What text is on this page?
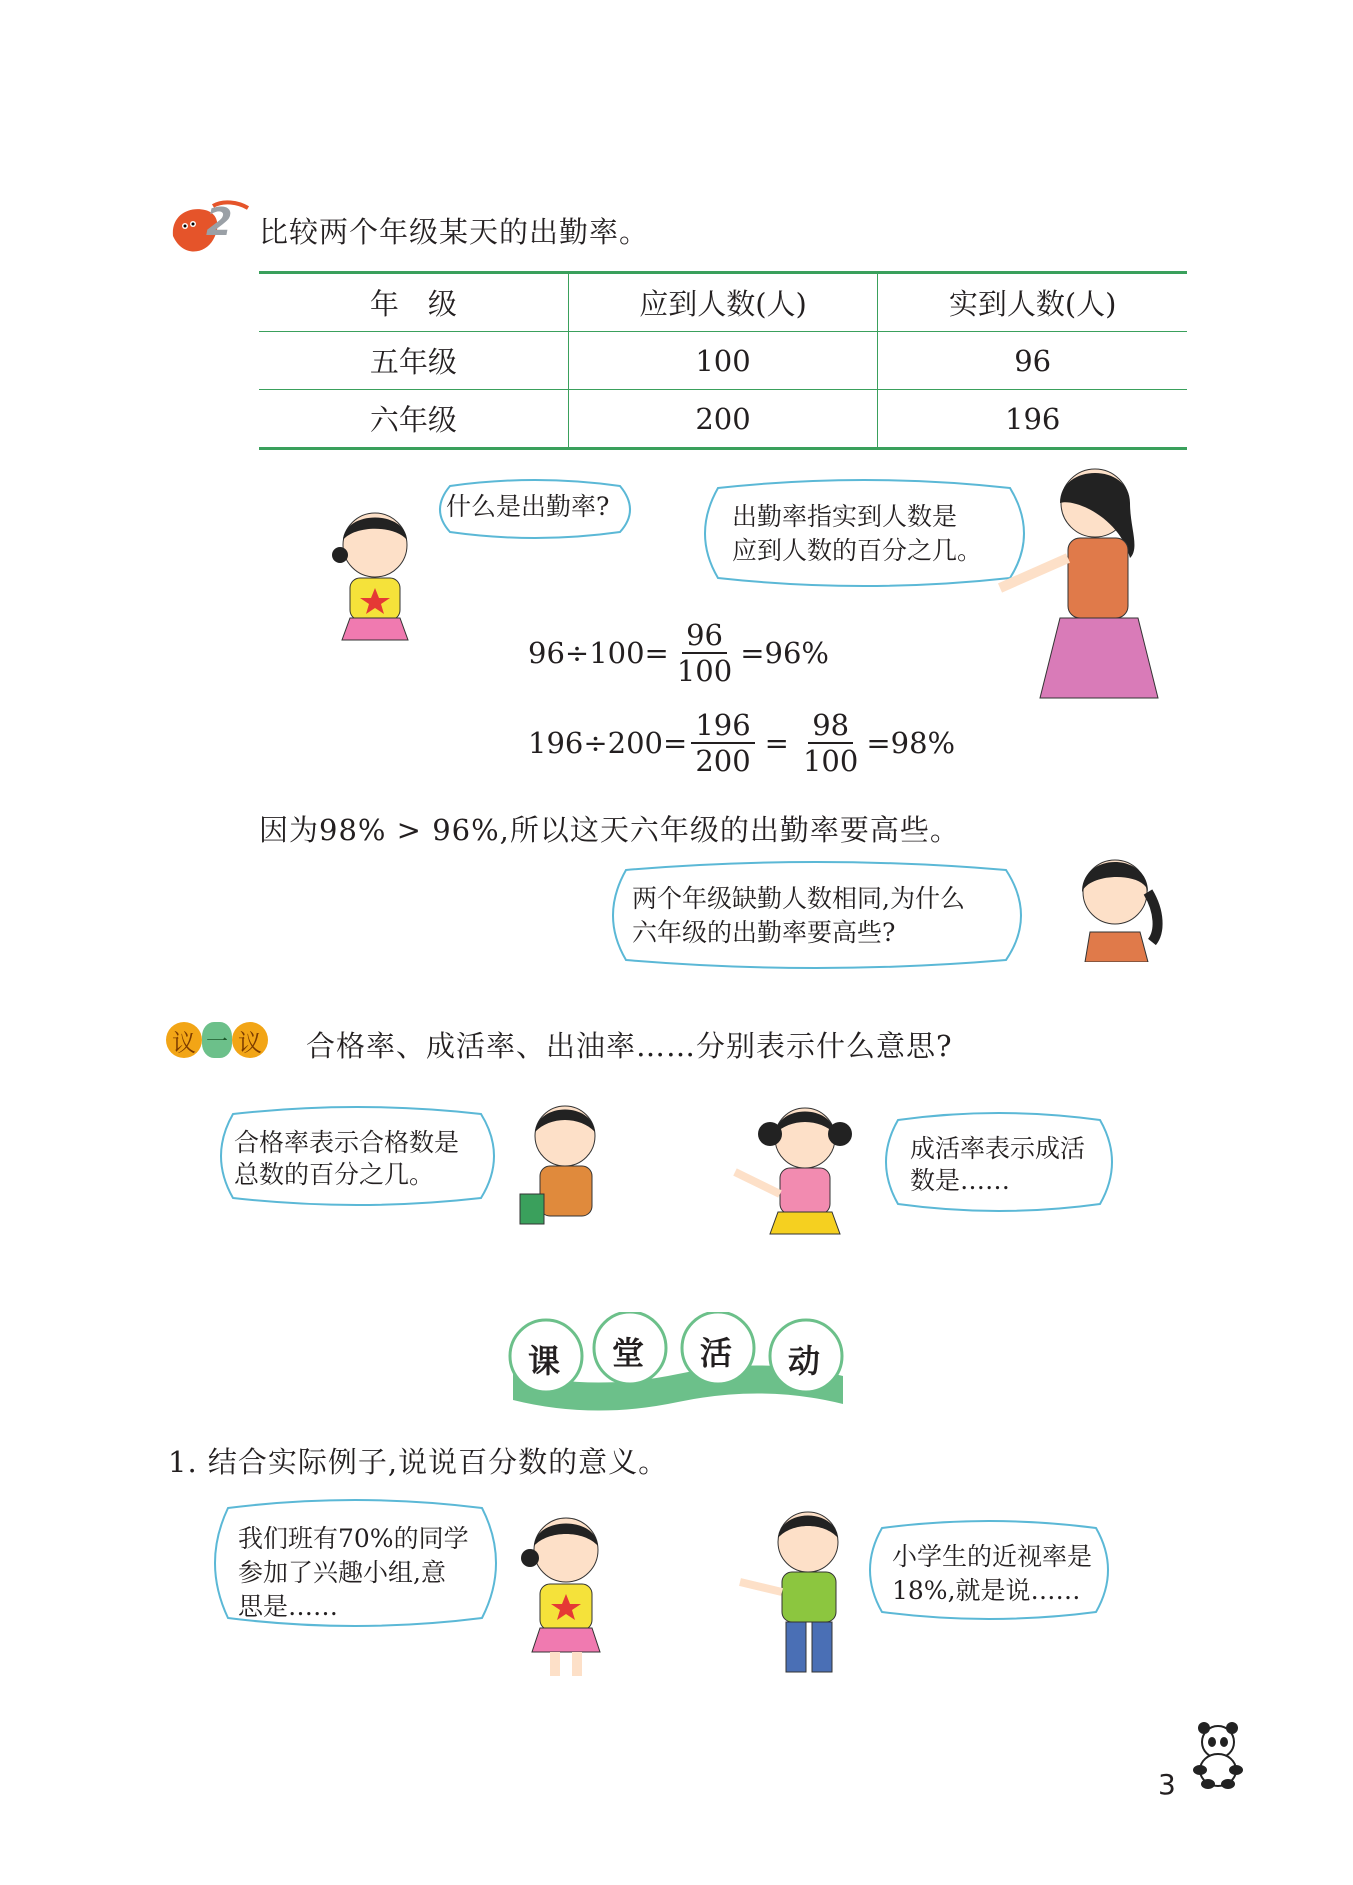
2 比较两个年级某天的出勤率。
年　级	应到人数(人)	实到人数(人)
五年级	100	96
六年级	200	196
什么是出勤率?	出勤率指实到人数是
应到人数的百分之几。
$96\div 100= \frac{96}{100} =96\%$
$196\div 200= \frac{196}{200} = \frac{98}{100} =98\%$
因为98% > 96%,所以这天六年级的出勤率要高些。
两个年级缺勤人数相同,为什么
六年级的出勤率要高些?
议 一 议 合格率、成活率、出油率……分别表示什么意思?
合格率表示合格数是
总数的百分之几。
成活率表示成活
数是……
课 堂 活 动
1. 结合实际例子,说说百分数的意义。
我们班有70%的同学
参加了兴趣小组,意
思是……
小学生的近视率是
18%,就是说……
3
